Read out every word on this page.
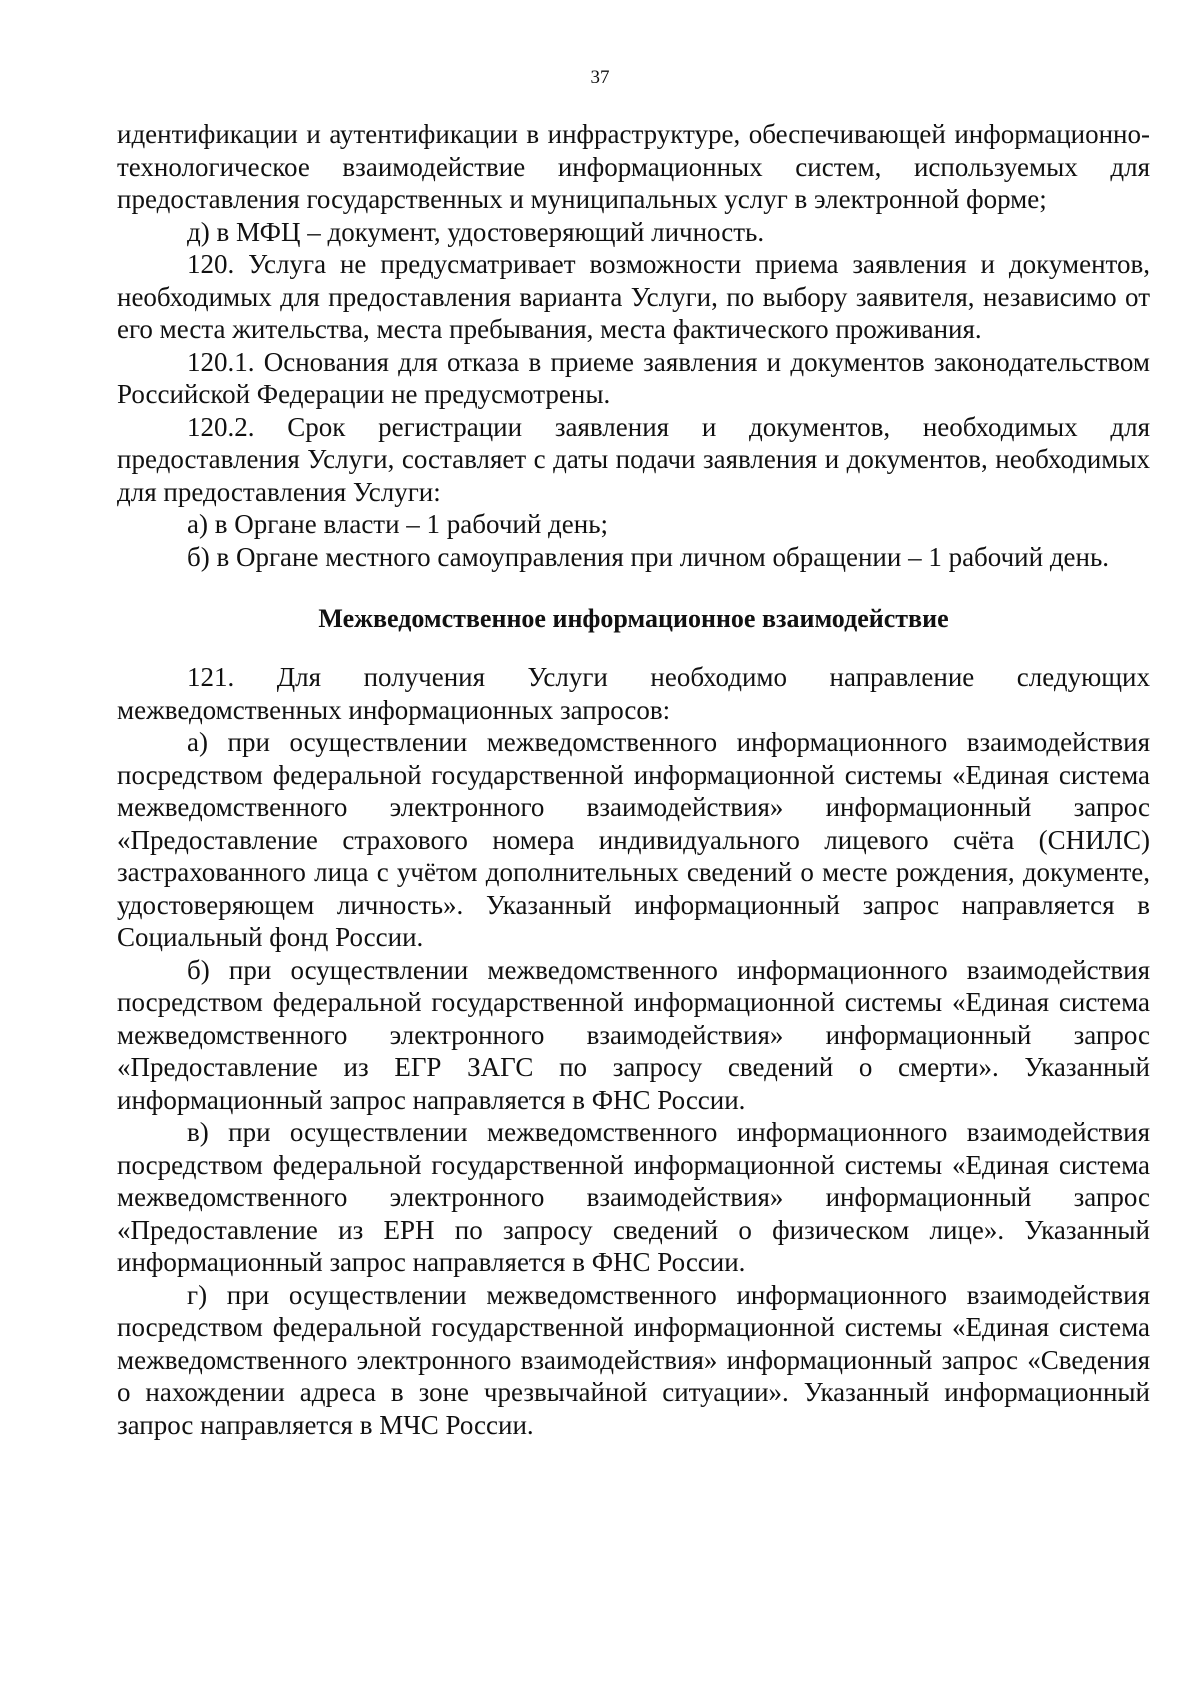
37

идентификации и аутентификации в инфраструктуре, обеспечивающей информационно-технологическое взаимодействие информационных систем, используемых для предоставления государственных и муниципальных услуг в электронной форме;

д) в МФЦ – документ, удостоверяющий личность.

120. Услуга не предусматривает возможности приема заявления и документов, необходимых для предоставления варианта Услуги, по выбору заявителя, независимо от его места жительства, места пребывания, места фактического проживания.

120.1. Основания для отказа в приеме заявления и документов законодательством Российской Федерации не предусмотрены.

120.2. Срок регистрации заявления и документов, необходимых для предоставления Услуги, составляет с даты подачи заявления и документов, необходимых для предоставления Услуги:

а) в Органе власти – 1 рабочий день;

б) в Органе местного самоуправления при личном обращении – 1 рабочий день.

Межведомственное информационное взаимодействие

121. Для получения Услуги необходимо направление следующих межведомственных информационных запросов:

а) при осуществлении межведомственного информационного взаимодействия посредством федеральной государственной информационной системы «Единая система межведомственного электронного взаимодействия» информационный запрос «Предоставление страхового номера индивидуального лицевого счёта (СНИЛС) застрахованного лица с учётом дополнительных сведений о месте рождения, документе, удостоверяющем личность». Указанный информационный запрос направляется в Социальный фонд России.

б) при осуществлении межведомственного информационного взаимодействия посредством федеральной государственной информационной системы «Единая система межведомственного электронного взаимодействия» информационный запрос «Предоставление из ЕГР ЗАГС по запросу сведений о смерти». Указанный информационный запрос направляется в ФНС России.

в) при осуществлении межведомственного информационного взаимодействия посредством федеральной государственной информационной системы «Единая система межведомственного электронного взаимодействия» информационный запрос «Предоставление из ЕРН по запросу сведений о физическом лице». Указанный информационный запрос направляется в ФНС России.

г) при осуществлении межведомственного информационного взаимодействия посредством федеральной государственной информационной системы «Единая система межведомственного электронного взаимодействия» информационный запрос «Сведения о нахождении адреса в зоне чрезвычайной ситуации». Указанный информационный запрос направляется в МЧС России.
